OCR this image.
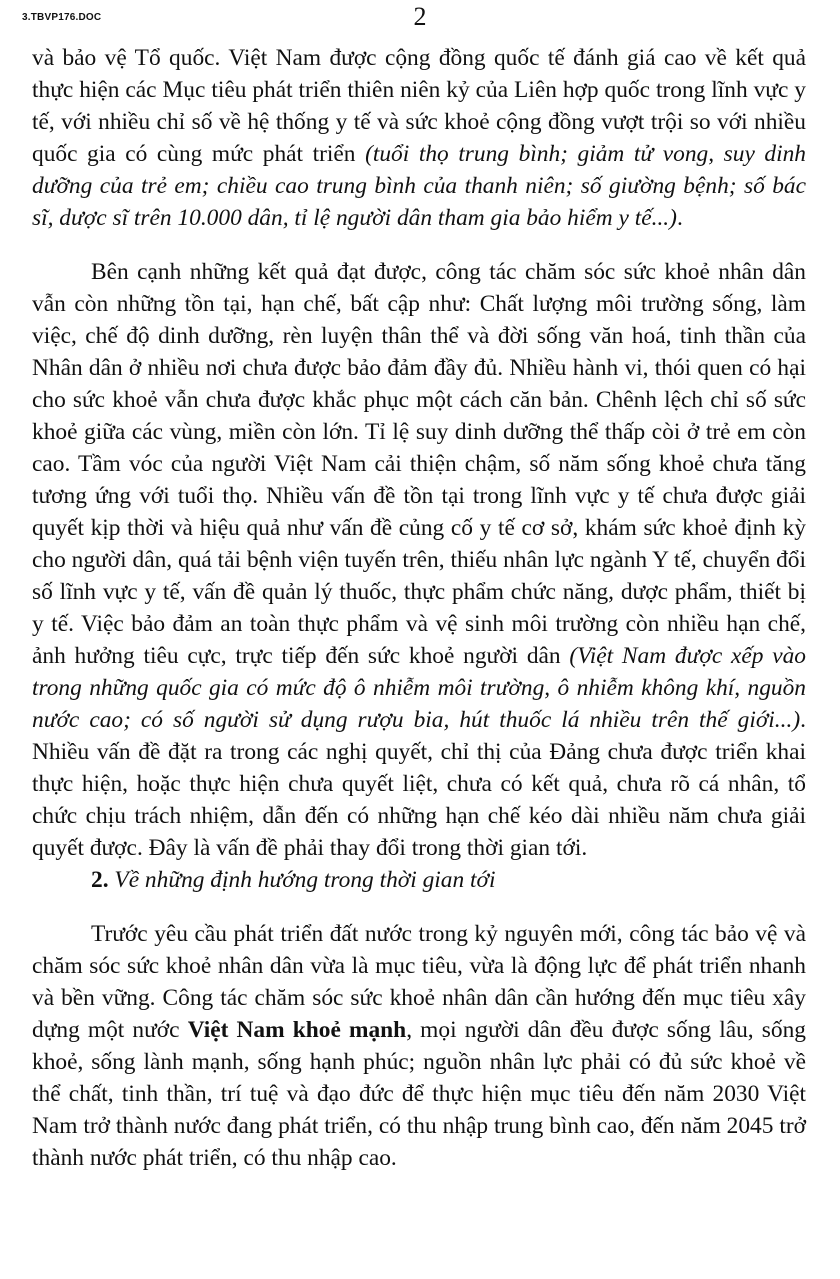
3.TBVP176.DOC	2

và bảo vệ Tổ quốc. Việt Nam được cộng đồng quốc tế đánh giá cao về kết quả thực hiện các Mục tiêu phát triển thiên niên kỷ của Liên hợp quốc trong lĩnh vực y tế, với nhiều chỉ số về hệ thống y tế và sức khoẻ cộng đồng vượt trội so với nhiều quốc gia có cùng mức phát triển (tuổi thọ trung bình; giảm tử vong, suy dinh dưỡng của trẻ em; chiều cao trung bình của thanh niên; số giường bệnh; số bác sĩ, dược sĩ trên 10.000 dân, tỉ lệ người dân tham gia bảo hiểm y tế...).

Bên cạnh những kết quả đạt được, công tác chăm sóc sức khoẻ nhân dân vẫn còn những tồn tại, hạn chế, bất cập như: Chất lượng môi trường sống, làm việc, chế độ dinh dưỡng, rèn luyện thân thể và đời sống văn hoá, tinh thần của Nhân dân ở nhiều nơi chưa được bảo đảm đầy đủ. Nhiều hành vi, thói quen có hại cho sức khoẻ vẫn chưa được khắc phục một cách căn bản. Chênh lệch chỉ số sức khoẻ giữa các vùng, miền còn lớn. Tỉ lệ suy dinh dưỡng thể thấp còi ở trẻ em còn cao. Tầm vóc của người Việt Nam cải thiện chậm, số năm sống khoẻ chưa tăng tương ứng với tuổi thọ. Nhiều vấn đề tồn tại trong lĩnh vực y tế chưa được giải quyết kịp thời và hiệu quả như vấn đề củng cố y tế cơ sở, khám sức khoẻ định kỳ cho người dân, quá tải bệnh viện tuyến trên, thiếu nhân lực ngành Y tế, chuyển đổi số lĩnh vực y tế, vấn đề quản lý thuốc, thực phẩm chức năng, dược phẩm, thiết bị y tế. Việc bảo đảm an toàn thực phẩm và vệ sinh môi trường còn nhiều hạn chế, ảnh hưởng tiêu cực, trực tiếp đến sức khoẻ người dân (Việt Nam được xếp vào trong những quốc gia có mức độ ô nhiễm môi trường, ô nhiễm không khí, nguồn nước cao; có số người sử dụng rượu bia, hút thuốc lá nhiều trên thế giới...). Nhiều vấn đề đặt ra trong các nghị quyết, chỉ thị của Đảng chưa được triển khai thực hiện, hoặc thực hiện chưa quyết liệt, chưa có kết quả, chưa rõ cá nhân, tổ chức chịu trách nhiệm, dẫn đến có những hạn chế kéo dài nhiều năm chưa giải quyết được. Đây là vấn đề phải thay đổi trong thời gian tới.

2. Về những định hướng trong thời gian tới

Trước yêu cầu phát triển đất nước trong kỷ nguyên mới, công tác bảo vệ và chăm sóc sức khoẻ nhân dân vừa là mục tiêu, vừa là động lực để phát triển nhanh và bền vững. Công tác chăm sóc sức khoẻ nhân dân cần hướng đến mục tiêu xây dựng một nước Việt Nam khoẻ mạnh, mọi người dân đều được sống lâu, sống khoẻ, sống lành mạnh, sống hạnh phúc; nguồn nhân lực phải có đủ sức khoẻ về thể chất, tinh thần, trí tuệ và đạo đức để thực hiện mục tiêu đến năm 2030 Việt Nam trở thành nước đang phát triển, có thu nhập trung bình cao, đến năm 2045 trở thành nước phát triển, có thu nhập cao.
